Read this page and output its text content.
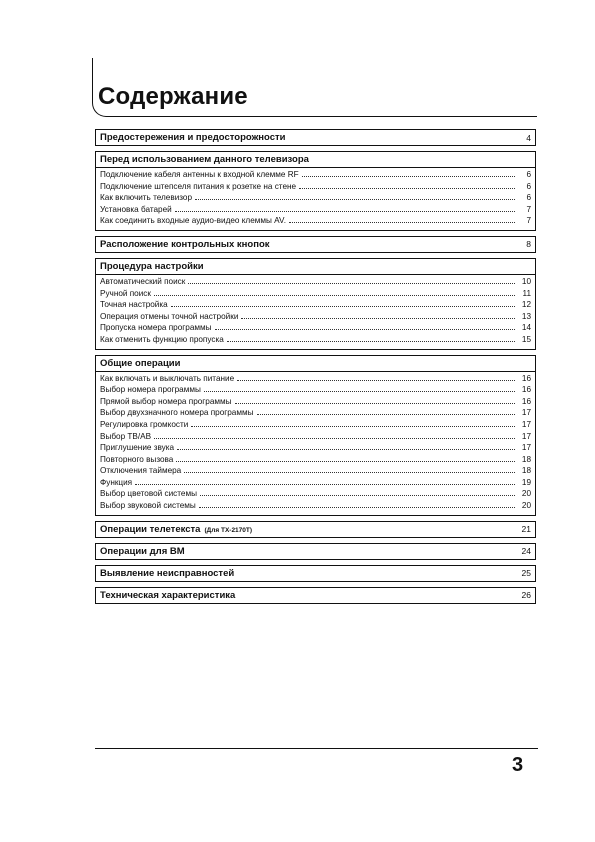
Содержание
Предостережения и предосторожности	4
Перед использованием данного телевизора
Подключение кабеля антенны к входной клемме RF	6
Подключение штепселя питания к розетке на стене	6
Как включить телевизор	6
Установка батарей	7
Как соединить входные аудио-видео клеммы AV.	7
Расположение контрольных кнопок	8
Процедура настройки
Автоматический поиск	10
Ручной поиск	11
Точная настройка	12
Операция отмены точной настройки	13
Пропуска номера программы	14
Как отменить функцию пропуска	15
Общие операции
Как включать и выключать питание	16
Выбор номера программы	16
Прямой выбор номера программы	16
Выбор двухзначного номера программы	17
Регулировка громкости	17
Выбор ТВ/АВ	17
Приглушение звука	17
Повторного вызова	18
Отключения таймера	18
Функция	19
Выбор цветовой системы	20
Выбор звуковой системы	20
Операции телетекста (Для TX-2170T)	21
Операции для ВМ	24
Выявление неисправностей	25
Техническая характеристика	26

3
